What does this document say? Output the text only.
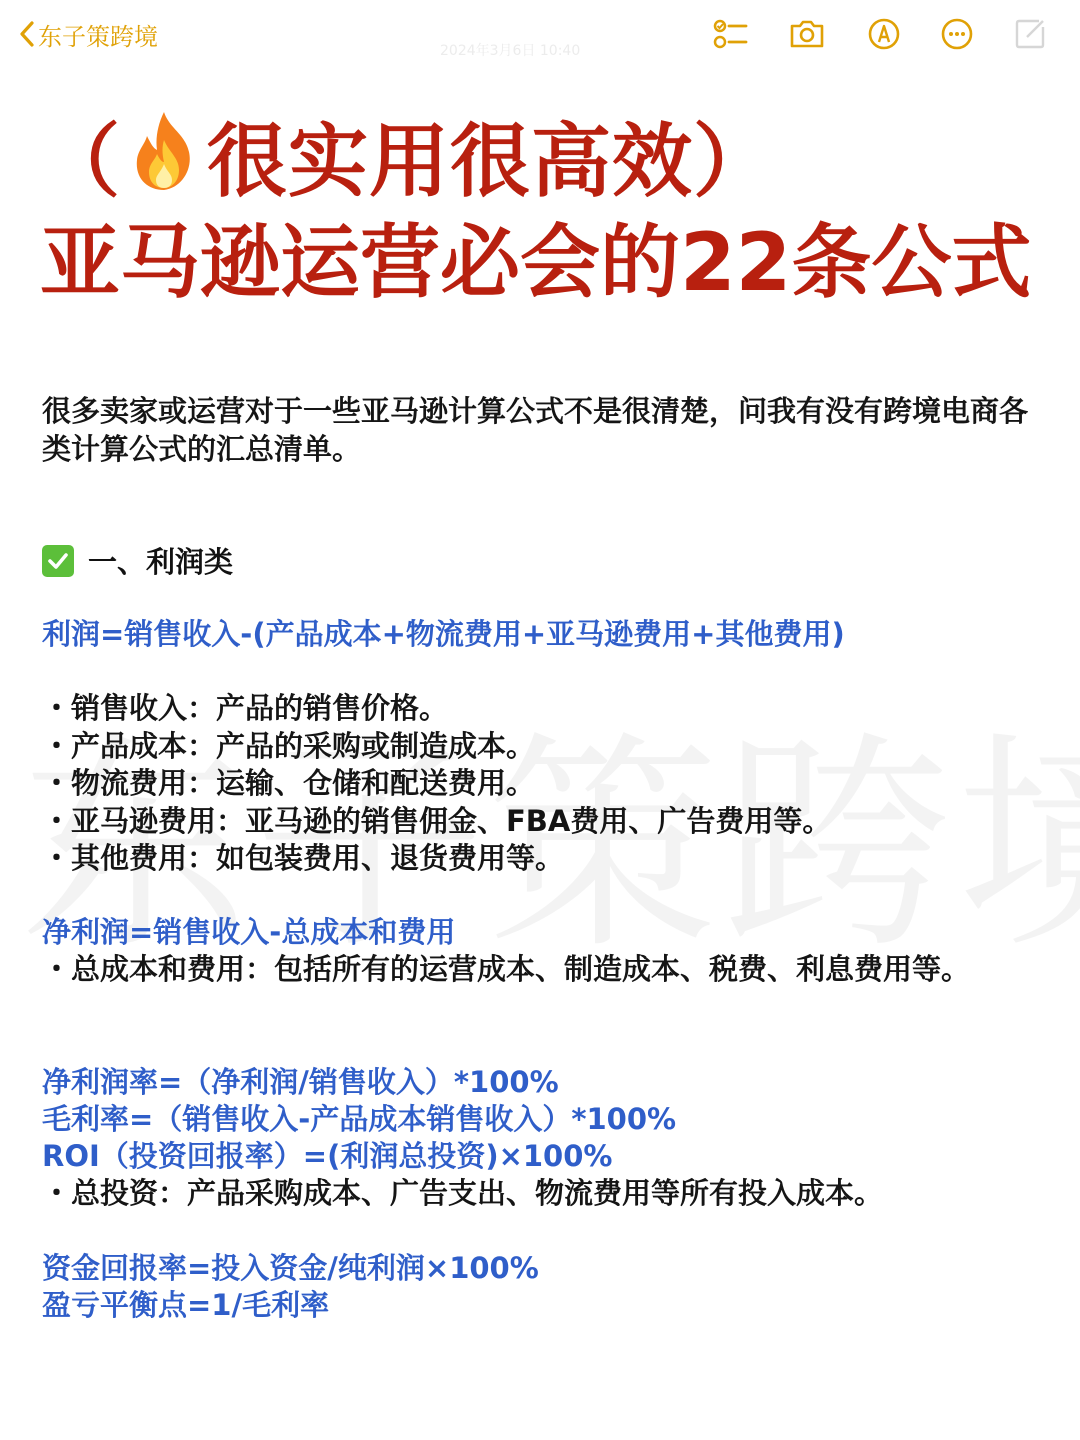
东子策跨境
2024年3月6日 10:40
（ 很实用很高效）
亚马逊运营必会的22条公式
很多卖家或运营对于一些亚马逊计算公式不是很清楚，问我有没有跨境电商各类计算公式的汇总清单。
一、利润类
利润=销售收入-(产品成本+物流费用+亚马逊费用+其他费用)
・销售收入：产品的销售价格。
・产品成本：产品的采购或制造成本。
・物流费用：运输、仓储和配送费用。
・亚马逊费用：亚马逊的销售佣金、FBA费用、广告费用等。
・其他费用：如包装费用、退货费用等。
净利润=销售收入-总成本和费用
・总成本和费用：包括所有的运营成本、制造成本、税费、利息费用等。
净利润率=（净利润/销售收入）*100%
毛利率=（销售收入-产品成本销售收入）*100%
ROI（投资回报率）=(利润总投资)×100%
・总投资：产品采购成本、广告支出、物流费用等所有投入成本。
资金回报率=投入资金/纯利润×100%
盈亏平衡点=1/毛利率
